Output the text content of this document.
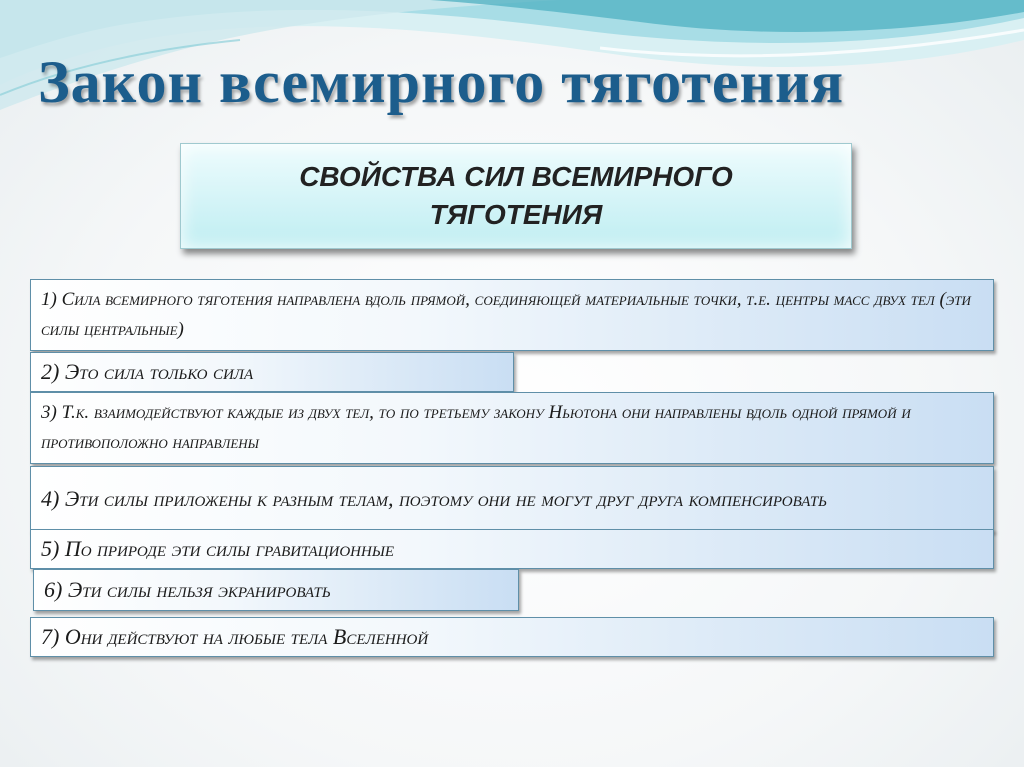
Закон всемирного тяготения
СВОЙСТВА СИЛ ВСЕМИРНОГО ТЯГОТЕНИЯ
1) Сила всемирного тяготения направлена вдоль прямой, соединяющей материальные точки, т.е. центры масс двух тел (эти силы центральные)
2) Это сила только сила
3) Т.к. взаимодействуют каждые из двух тел, то по третьему закону Ньютона они направлены вдоль одной прямой и противоположно направлены
4) Эти силы приложены к разным телам, поэтому они не могут друг друга компенсировать
5) По природе эти силы гравитационные
6) Эти силы нельзя экранировать
7) Они действуют на любые тела Вселенной
